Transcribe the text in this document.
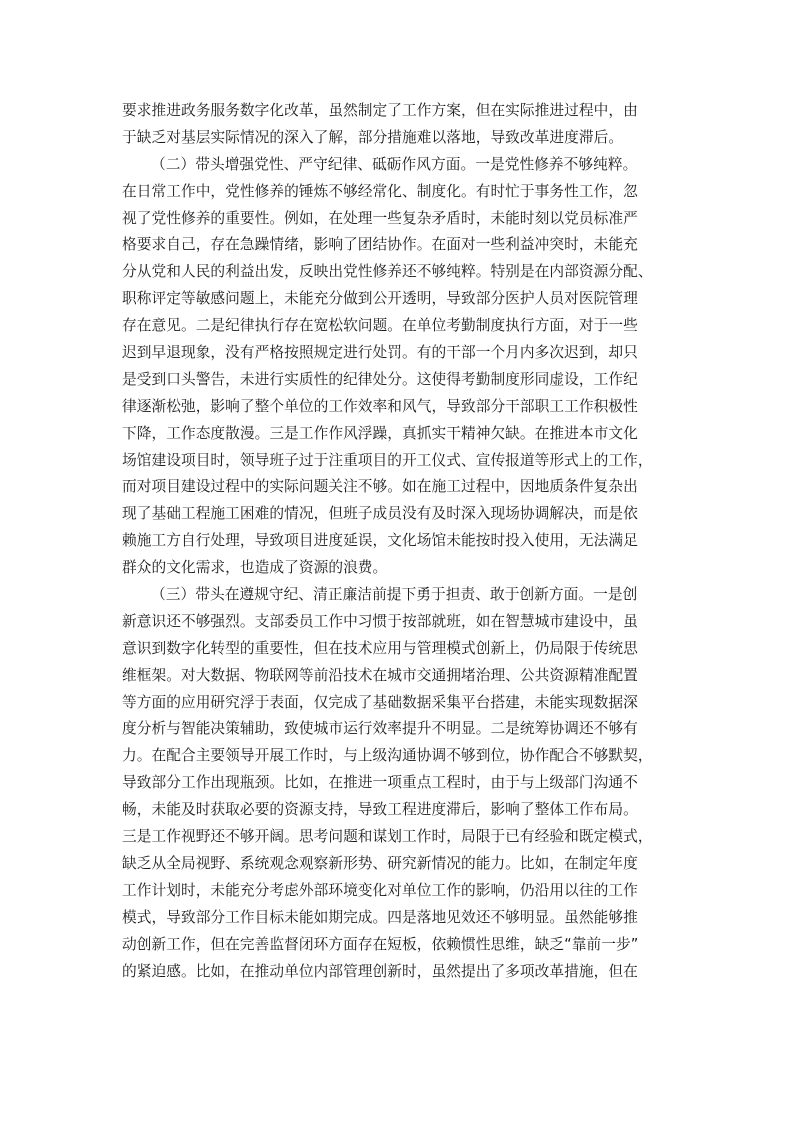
要求推进政务服务数字化改革，虽然制定了工作方案，但在实际推进过程中，由
于缺乏对基层实际情况的深入了解，部分措施难以落地，导致改革进度滞后。
（二）带头增强党性、严守纪律、砥砺作风方面。一是党性修养不够纯粹。
在日常工作中，党性修养的锤炼不够经常化、制度化。有时忙于事务性工作，忽
视了党性修养的重要性。例如，在处理一些复杂矛盾时，未能时刻以党员标准严
格要求自己，存在急躁情绪，影响了团结协作。在面对一些利益冲突时，未能充
分从党和人民的利益出发，反映出党性修养还不够纯粹。特别是在内部资源分配、
职称评定等敏感问题上，未能充分做到公开透明，导致部分医护人员对医院管理
存在意见。二是纪律执行存在宽松软问题。在单位考勤制度执行方面，对于一些
迟到早退现象，没有严格按照规定进行处罚。有的干部一个月内多次迟到，却只
是受到口头警告，未进行实质性的纪律处分。这使得考勤制度形同虚设，工作纪
律逐渐松弛，影响了整个单位的工作效率和风气，导致部分干部职工工作积极性
下降，工作态度散漫。三是工作作风浮躁，真抓实干精神欠缺。在推进本市文化
场馆建设项目时，领导班子过于注重项目的开工仪式、宣传报道等形式上的工作，
而对项目建设过程中的实际问题关注不够。如在施工过程中，因地质条件复杂出
现了基础工程施工困难的情况，但班子成员没有及时深入现场协调解决，而是依
赖施工方自行处理，导致项目进度延误，文化场馆未能按时投入使用，无法满足
群众的文化需求，也造成了资源的浪费。
（三）带头在遵规守纪、清正廉洁前提下勇于担责、敢于创新方面。一是创
新意识还不够强烈。支部委员工作中习惯于按部就班，如在智慧城市建设中，虽
意识到数字化转型的重要性，但在技术应用与管理模式创新上，仍局限于传统思
维框架。对大数据、物联网等前沿技术在城市交通拥堵治理、公共资源精准配置
等方面的应用研究浮于表面，仅完成了基础数据采集平台搭建，未能实现数据深
度分析与智能决策辅助，致使城市运行效率提升不明显。二是统筹协调还不够有
力。在配合主要领导开展工作时，与上级沟通协调不够到位，协作配合不够默契，
导致部分工作出现瓶颈。比如，在推进一项重点工程时，由于与上级部门沟通不
畅，未能及时获取必要的资源支持，导致工程进度滞后，影响了整体工作布局。
三是工作视野还不够开阔。思考问题和谋划工作时，局限于已有经验和既定模式，
缺乏从全局视野、系统观念观察新形势、研究新情况的能力。比如，在制定年度
工作计划时，未能充分考虑外部环境变化对单位工作的影响，仍沿用以往的工作
模式，导致部分工作目标未能如期完成。四是落地见效还不够明显。虽然能够推
动创新工作，但在完善监督闭环方面存在短板，依赖惯性思维，缺乏“靠前一步”
的紧迫感。比如，在推动单位内部管理创新时，虽然提出了多项改革措施，但在
